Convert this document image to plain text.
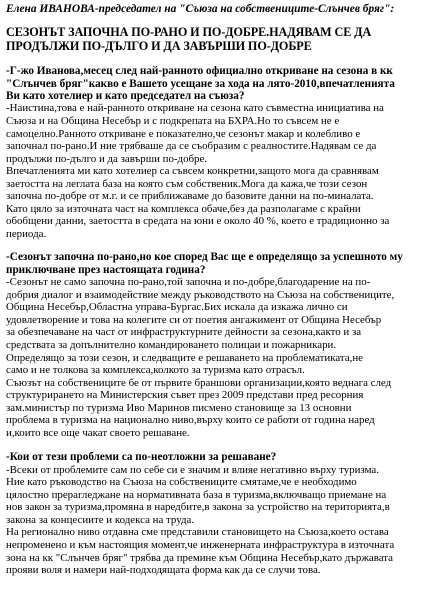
Елена ИВАНОВА-председател на "Съюза на собствениците-Слънчев бряг":

СЕЗОНЪТ ЗАПОЧНА ПО-РАНО И ПО-ДОБРЕ.НАДЯВАМ СЕ ДА
ПРОДЪЛЖИ ПО-ДЪЛГО И ДА ЗАВЪРШИ ПО-ДОБРЕ
-Г-жо Иванова,месец след най-ранното официално откриване на сезона в кк
"Слънчев бряг"какво е Вашето усещане за хода на лято-2010,впечатленията
Ви като хотелиер и като председател на съюза?
-Наистина,това е най-ранното откриване на сезона като съвместна инициатива на
Съюза и на Община Несебър и с подкрепата на БХРА.Но то съвсем не е
самоцелно.Ранното откриване е показателно,че сезонът макар и колебливо е
започнал по-рано.И ние трябваше да се съобразим с реалностите.Надявам се да
продължи по-дълго и да завърши по-добре.
Впечатленията ми като хотелиер са съвсем конкретни,защото мога да сравнявам
заетостта на леглата база на която съм собственик.Мога да кажа,че този сезон
започна по-добре от м.г. и се приближаваме до базовите данни на по-миналата.
Като цяло за източната част на комплекса обаче,без да разполагаме с крайни
обобщени данни, заетостта в средата на юни е около 40 %, което е традиционно за
периода.
-Сезонът започна по-рано,но кое според Вас ще е определящо за успешното му
приключване през настоящата година?
-Сезонът не само започна по-рано,той започна и по-добре,благодарение на по-
добрия диалог и взаимодействие между ръководството на Съюза на собствениците,
Община Несебър,Областна управа-Бургас.Бих искала да изкажа лично си
удовлетворение и това на колегите си от поетия ангажимент от Община Несебър
за обезпечаване на част от инфраструктурните дейности за сезона,както и за
средствата за допълнително командироването полицаи и пожарникари.
Определящо за този сезон, и следващите е решаването на проблематиката,не
само и не толкова за комплекса,колкото за туризма като отрасъл.
Съюзът на собствениците бе от първите браншови организации,която веднага след
структурирането на Министерския съвет през 2009 представи пред ресорния
зам.министър по туризма Иво Маринов писмено становище за 13 основни
проблема в туризма на национално ниво,върху които се работи от година наред
и,които все още чакат своето решаване.
-Кои от тези проблеми са по-неотложни за решаване?
-Всеки от проблемите сам по себе си е значим и влияе негативно върху туризма.
Ние като ръководство на Съюза на собствениците смятаме,че е необходимо
цялостно прерагледжане на нормативната база в туризма,включващо приемане на
нов закон за туризма,промяна в наредбите,в закона за устройство на територията,в
закона за концесиите и кодекса на труда.
На регионално ниво отдавна сме представили становището на Съюза,което остава
непроменено и към настоящия момент,че инженерната инфраструктура в източната
зона на кк "Слънчев бряг" трябва да премине към Община Несебър,като държавата
прояви воля и намери най-подходящата форма как да се случи това.
